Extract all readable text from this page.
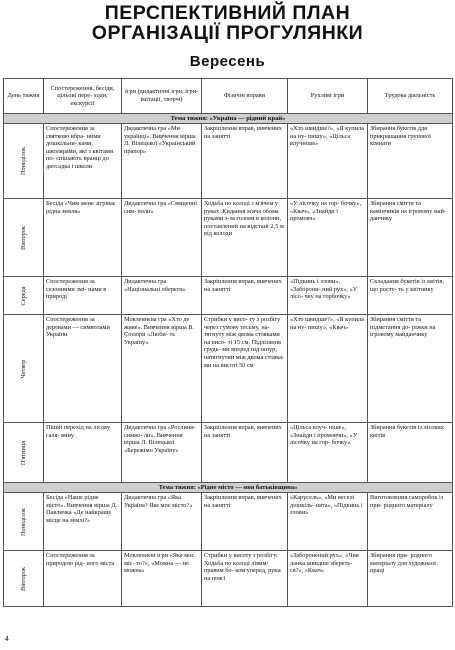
ПЕРСПЕКТИВНИЙ ПЛАН
ОРГАНІЗАЦІЇ ПРОГУЛЯНКИ
Вересень
День тижня	Спостереження, бесіди, цільові пере- ходи, екскурсії	Ігри (дидактичні ігри, ігри-імітації, творчі)	Фізичні вправи	Рухливі ігри	Трудова діяльність
Тема тижня: «Україна — рідний край»					

Понеділок	Спостереження за святково вбра- ними дошкільни- ками, школярами, які з квітами по- спішають вранці до дитсадка і школи	Дидактична гра «Ми українці». Вивчення вірша Л. Вілецької «Український прапор»	Закріплення вправ, вивчених на занятті	«Хто швидше?», «Я купила на ну- пишу», «Цільса влучніше»	Збирання букетів для прикрашання групової кімнати

Вівторок	Бесіда «Чим мене зігріває рідна земля»	Дидактична гра «Священні сим- воли»	Ходьба по колоді з м'ячем у руках. Кидання м'яча обома руками з-за голови в колони, поставлений на відстані 2,5 м від колоди	«У лісочку на гор- бочку», «Квач», «Знайди і промовч»	Збирання сміття та камінчиків на ігровому май- данчику

Середа	Спостереження за сезонними змі- нами в природі	Дидактична гра «Національні обереги»	Закріплення вправ, вивчених на занятті	«Підкинь і злови», «Заборони- ний рух», «У лісо- чку на горбочку»	Складання букетів із квітів, що росту- ть у квітнику

Четвер	Спостереження за деревами — символами України	Мовленнєва гра «Хто де живе». Вивчення вірша В. Сосюри «Люби- ть Україну»	Стрибки у висо- ту з розбігу через гумову тесьму, на- тягнуту між двома стояками на висо- ті 15 см. Підлізання грудь- ми вперед під шнур, натягнутий між двома стояка- ми на висоті 50 см	«Хто швидше?», «Я купила на ну- пишу», «Квач»	Збирання сміття та підметання до- ріжки на ігровому майданчику

П'ятниця	Пішій перехід на лісову галя- вину	Дидактична гра «Рослини-симво- ли». Вивчення вірша Л. Вілецької «Бережімо Україну»	Закріплення вправ, вивчених на занятті	«Цільса влуч- ніше», «Знайди і промовчи», «У лісочку на гор- бочку»	Збирання букетів із лісових квітів
Тема тижня: «Рідне місто — моя батьківщина»					

Понеділок	Бесіда «Наше рідне місто». Вивчення вірша Д. Павличка «Де найкраще місце на землі?»	Дидактична гра «Яка Україна? Яке моє місто?»	Закріплення вправ, вивчених на занятті	«Карусель», «Ми веселі дошкіль- нята», «Підкинь і злови»	Виготовлення саморобок із при- родного матеріалу

Вівторок	Спостереження за природою рід- ного міста	Мовленнєві ігри «Яке моє міс- то?», «Можна — не можна»	Стрибки у висоту з розбігу. Ходьба по колоді лівим/правим бо- ком уперед, руки на поясі	«Заборонений рух», «Чия ланка швидше збереть- ся?», «Квач»	Збирання при- родного матеріалу для художньої праці
4
